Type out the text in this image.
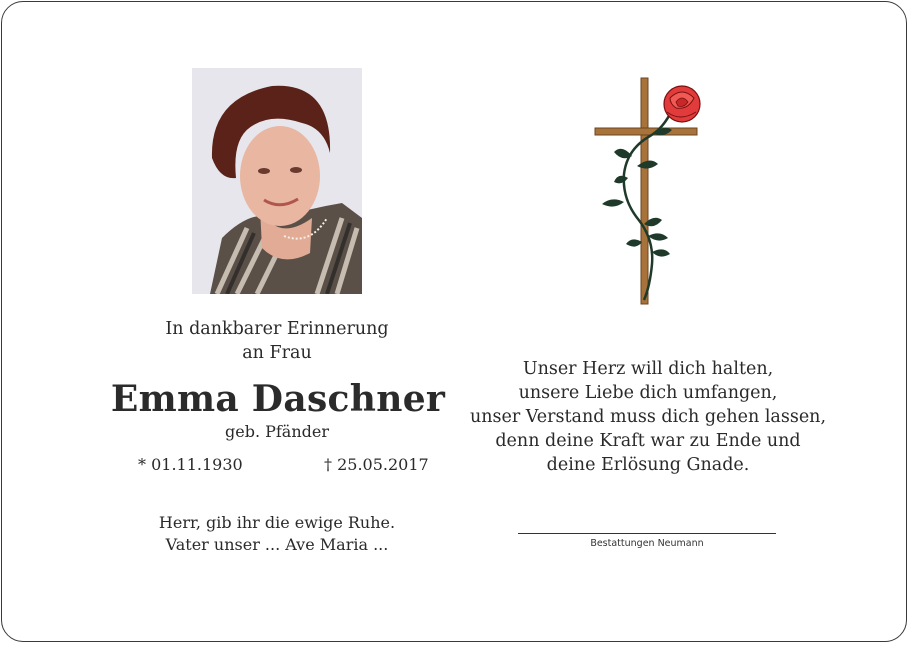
In dankbarer Erinnerung
an Frau
Emma Daschner
geb. Pfänder
* 01.11.1930	† 25.05.2017
Herr, gib ihr die ewige Ruhe.
Vater unser ... Ave Maria ...
Unser Herz will dich halten,
unsere Liebe dich umfangen,
unser Verstand muss dich gehen lassen,
denn deine Kraft war zu Ende und
deine Erlösung Gnade.
Bestattungen Neumann
